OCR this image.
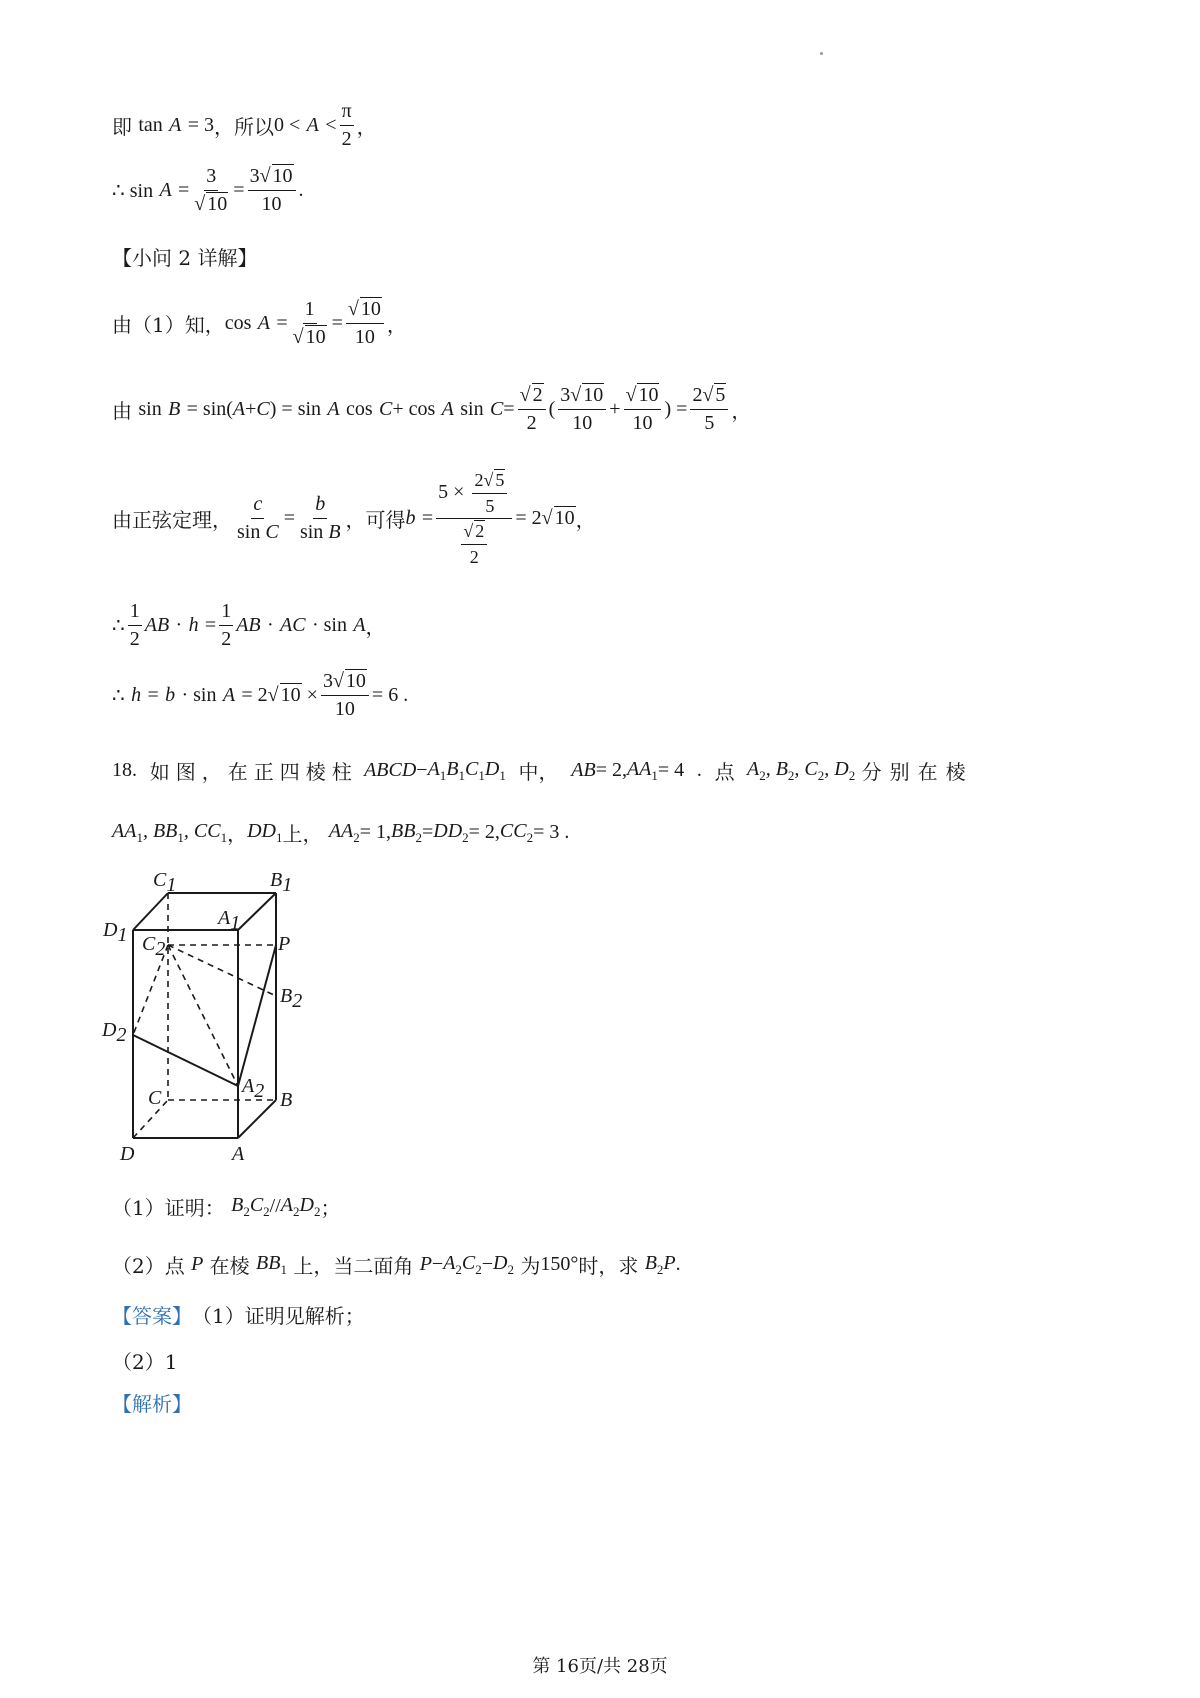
即
tan
A
= 3 ，所以 0 <
A
< $\frac{\pi}{2}$ ，
∴ sin
A
= $\frac{3}{√ 10} = \frac{3√ 10}{10}$ .
【小问 2 详解】
由（1）知， cos
A
= $\frac{1}{√ 10} = \frac{√ 10}{10}$ ，
由
sin
B
= sin( A + C ) = sin
A
cos
C + cos
A
sin
$C = \frac{√ 2}{2}$ ( $\frac{3√ 10}{10} + \frac{√ 10}{10}$ ) = $\frac{2√ 5}{5}$ ，
由正弦定理， $\frac{c}{\text{sin C}} = \frac{b}{\text{sin B}}$ ，可得 b
= $\frac{5 \times \frac{2√ 5}{5}}{\frac{√ 2}{2}} = 2√$ 10 ，
∴ $\frac{1}{2}$ AB
·
h
= $\frac{1}{2}$ AB
·
AC
· sin
A ，
∴
h
=
b
· sin
A
= 2√ $10 \times \frac{3√ 10}{10} = 6$ .
18.
如图，在正四棱柱
ABCD − $A_1B_1C_1D_1$
中，
AB = 2, $AA_1 = 4$
.
点
$A_2$, $B_2$, $C_2$, $D_2$
分别在棱
$AA_1$, $BB_1$, $CC_1$ ， $DD_1$ 上，
$AA_2 = 1$, $BB_2 = DD_2 = 2$, $CC_2 = 3$ .
C1	B1
A1
D1 C2	P
B2
D2
A2
C	B
D	A
（1）证明：
$B_2C_2 // A_2D_2$ ；
（2）点
P
在棱
$BB_1$
上，当二面角
$P - A_2C_2 - D_2$
为 150° 时，求
$B_2P$ .
【答案】 （1）证明见解析；
（2）1
【解析】
第 16页/共 28页
